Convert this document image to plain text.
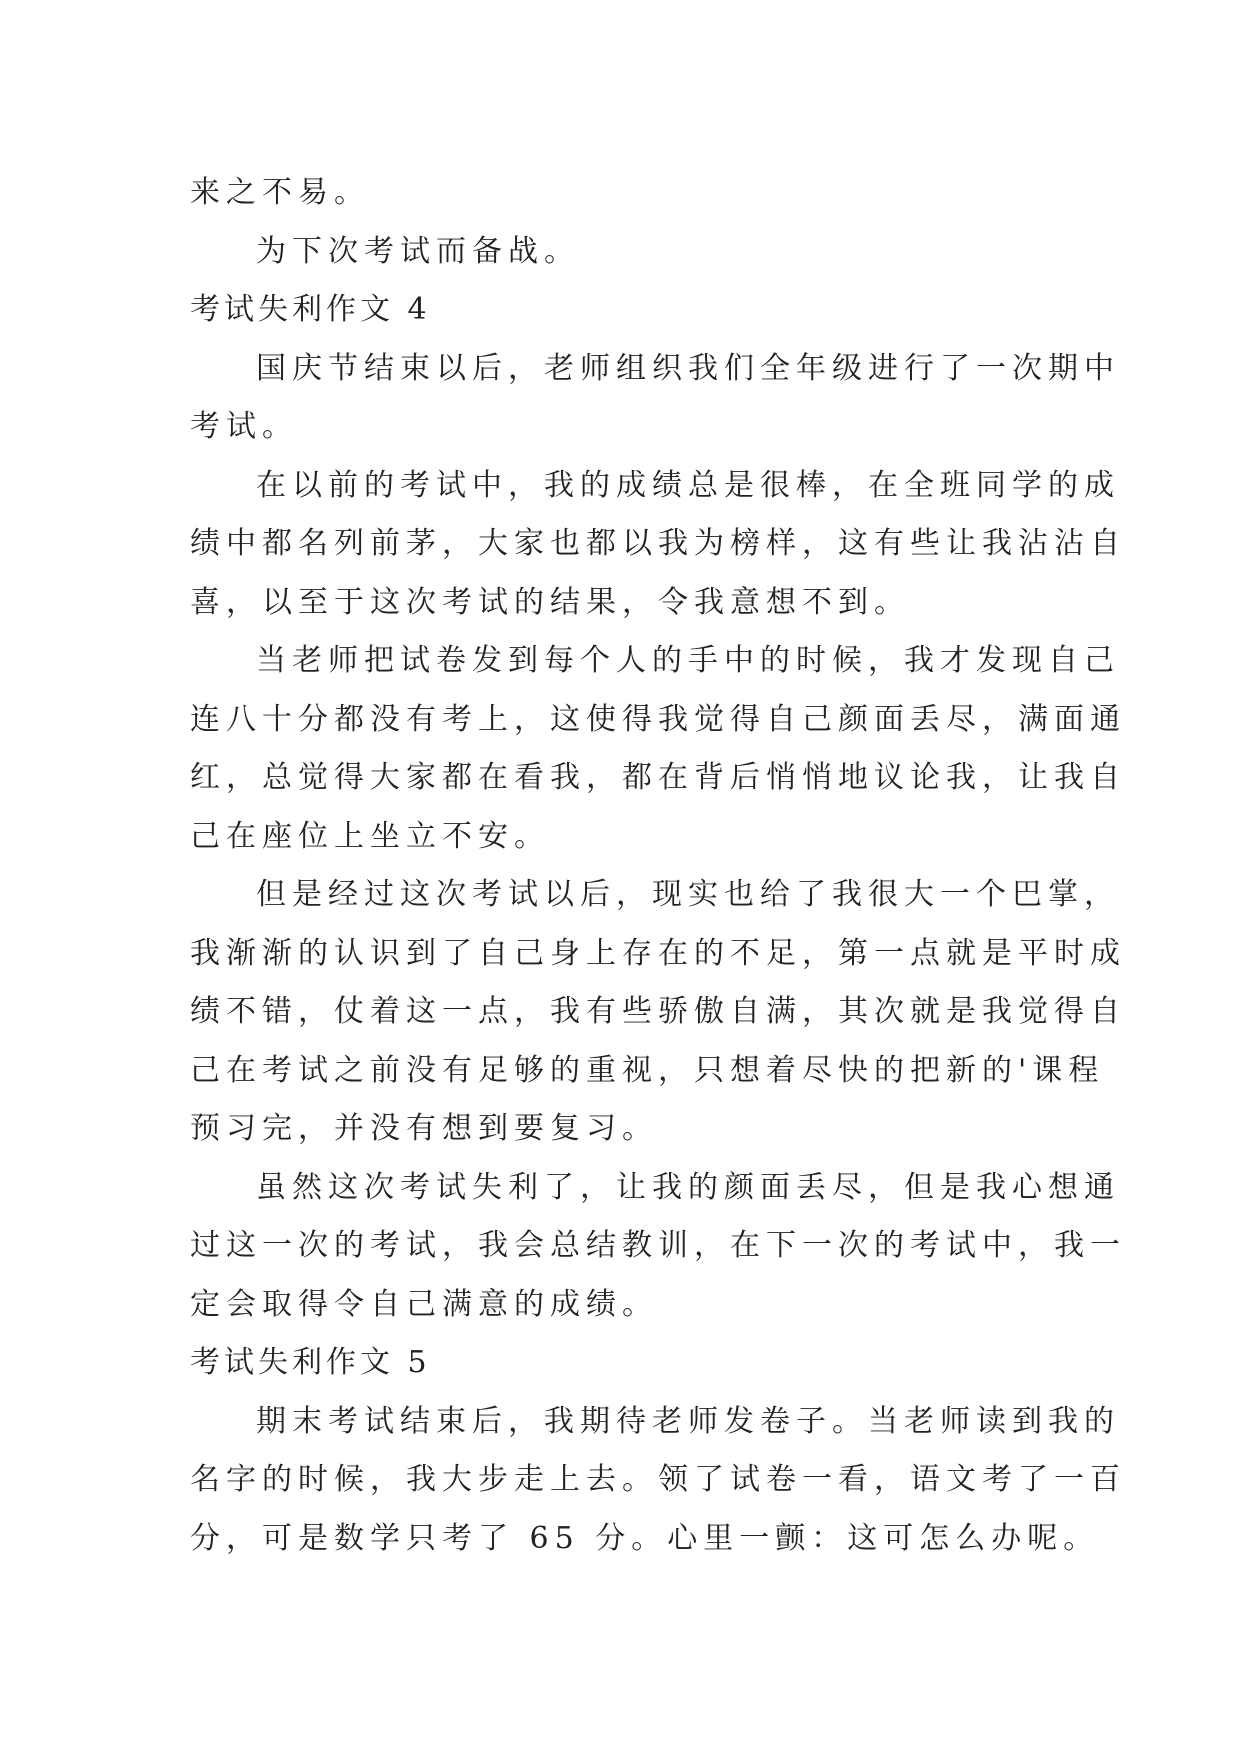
来之不易。
为下次考试而备战。
考试失利作文 4
国庆节结束以后，老师组织我们全年级进行了一次期中
考试。
在以前的考试中，我的成绩总是很棒，在全班同学的成
绩中都名列前茅，大家也都以我为榜样，这有些让我沾沾自
喜，以至于这次考试的结果，令我意想不到。
当老师把试卷发到每个人的手中的时候，我才发现自己
连八十分都没有考上，这使得我觉得自己颜面丢尽，满面通
红，总觉得大家都在看我，都在背后悄悄地议论我，让我自
己在座位上坐立不安。
但是经过这次考试以后，现实也给了我很大一个巴掌，
我渐渐的认识到了自己身上存在的不足，第一点就是平时成
绩不错，仗着这一点，我有些骄傲自满，其次就是我觉得自
己在考试之前没有足够的重视，只想着尽快的把新的'课程
预习完，并没有想到要复习。
虽然这次考试失利了，让我的颜面丢尽，但是我心想通
过这一次的考试，我会总结教训，在下一次的考试中，我一
定会取得令自己满意的成绩。
考试失利作文 5
期末考试结束后，我期待老师发卷子。当老师读到我的
名字的时候，我大步走上去。领了试卷一看，语文考了一百
分，可是数学只考了 65 分。心里一颤：这可怎么办呢。
